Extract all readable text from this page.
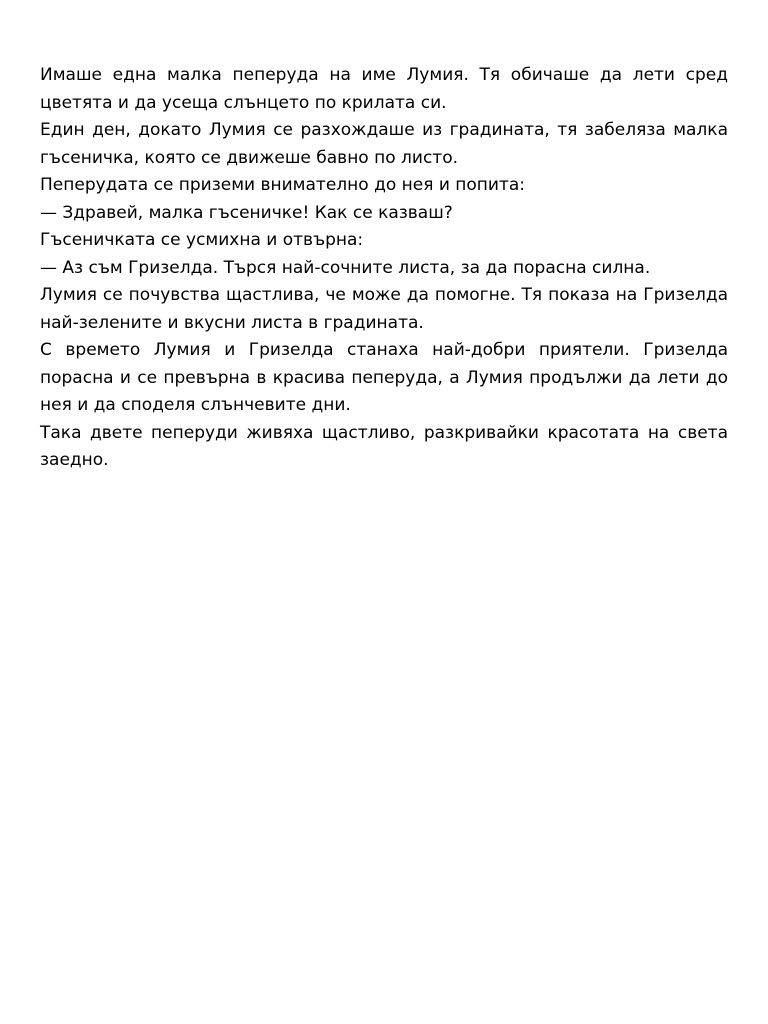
Имаше една малка пеперуда на име Лумия. Тя обичаше да лети сред цветята и да усеща слънцето по крилата си.

Един ден, докато Лумия се разхождаше из градината, тя забеляза малка гъсеничка, която се движеше бавно по листо.

Пеперудата се приземи внимателно до нея и попита:

— Здравей, малка гъсеничке! Как се казваш?

Гъсеничката се усмихна и отвърна:

— Аз съм Гризелда. Търся най-сочните листа, за да порасна силна.

Лумия се почувства щастлива, че може да помогне. Тя показа на Гризелда най-зелените и вкусни листа в градината.

С времето Лумия и Гризелда станаха най-добри приятели. Гризелда порасна и се превърна в красива пеперуда, а Лумия продължи да лети до нея и да споделя слънчевите дни.

Така двете пеперуди живяха щастливо, разкривайки красотата на света заедно.
